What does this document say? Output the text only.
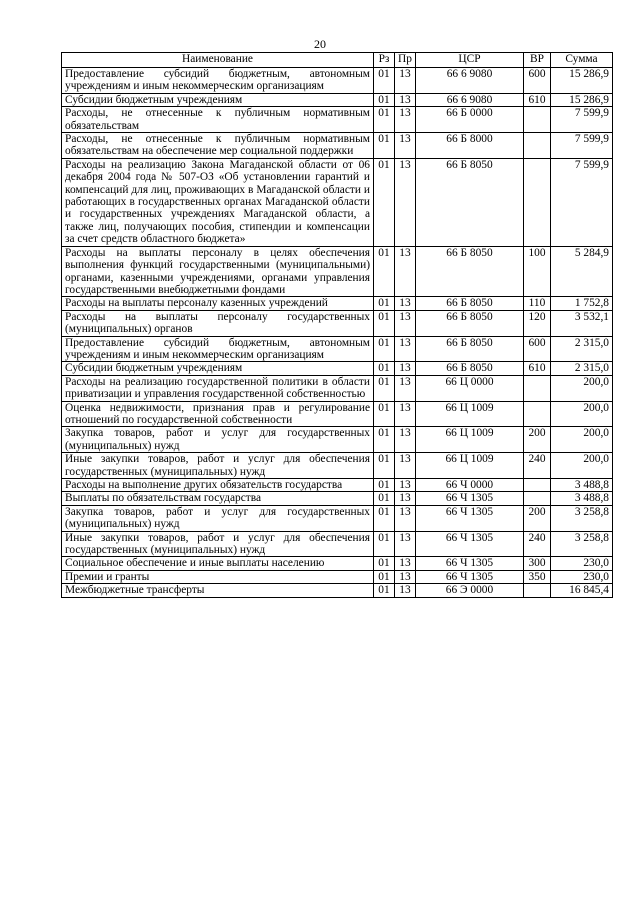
20
Наименование	Рз	Пр	ЦСР	ВР	Сумма
Предоставление субсидий бюджетным, автономным учреждениям и иным некоммерческим организациям	01	13	66 6 9080	600	15 286,9
Субсидии бюджетным учреждениям	01	13	66 6 9080	610	15 286,9
Расходы, не отнесенные к публичным нормативным обязательствам	01	13	66 Б 0000		7 599,9
Расходы, не отнесенные к публичным нормативным обязательствам на обеспечение мер социальной поддержки	01	13	66 Б 8000		7 599,9
Расходы на реализацию Закона Магаданской области от 06 декабря 2004 года № 507-ОЗ «Об установлении гарантий и компенсаций для лиц, проживающих в Магаданской области и работающих в государственных органах Магаданской области и государственных учреждениях Магаданской области, а также лиц, получающих пособия, стипендии и компенсации за счет средств областного бюджета»	01	13	66 Б 8050		7 599,9
Расходы на выплаты персоналу в целях обеспечения выполнения функций государственными (муниципальными) органами, казенными учреждениями, органами управления государственными внебюджетными фондами	01	13	66 Б 8050	100	5 284,9
Расходы на выплаты персоналу казенных учреждений	01	13	66 Б 8050	110	1 752,8
Расходы на выплаты персоналу государственных (муниципальных) органов	01	13	66 Б 8050	120	3 532,1
Предоставление субсидий бюджетным, автономным учреждениям и иным некоммерческим организациям	01	13	66 Б 8050	600	2 315,0
Субсидии бюджетным учреждениям	01	13	66 Б 8050	610	2 315,0
Расходы на реализацию государственной политики в области приватизации и управления государственной собственностью	01	13	66 Ц 0000		200,0
Оценка недвижимости, признания прав и регулирование отношений по государственной собственности	01	13	66 Ц 1009		200,0
Закупка товаров, работ и услуг для государственных (муниципальных) нужд	01	13	66 Ц 1009	200	200,0
Иные закупки товаров, работ и услуг для обеспечения государственных (муниципальных) нужд	01	13	66 Ц 1009	240	200,0
Расходы на выполнение других обязательств государства	01	13	66 Ч 0000		3 488,8
Выплаты по обязательствам государства	01	13	66 Ч 1305		3 488,8
Закупка товаров, работ и услуг для государственных (муниципальных) нужд	01	13	66 Ч 1305	200	3 258,8
Иные закупки товаров, работ и услуг для обеспечения государственных (муниципальных) нужд	01	13	66 Ч 1305	240	3 258,8
Социальное обеспечение и иные выплаты населению	01	13	66 Ч 1305	300	230,0
Премии и гранты	01	13	66 Ч 1305	350	230,0
Межбюджетные трансферты	01	13	66 Э 0000		16 845,4
